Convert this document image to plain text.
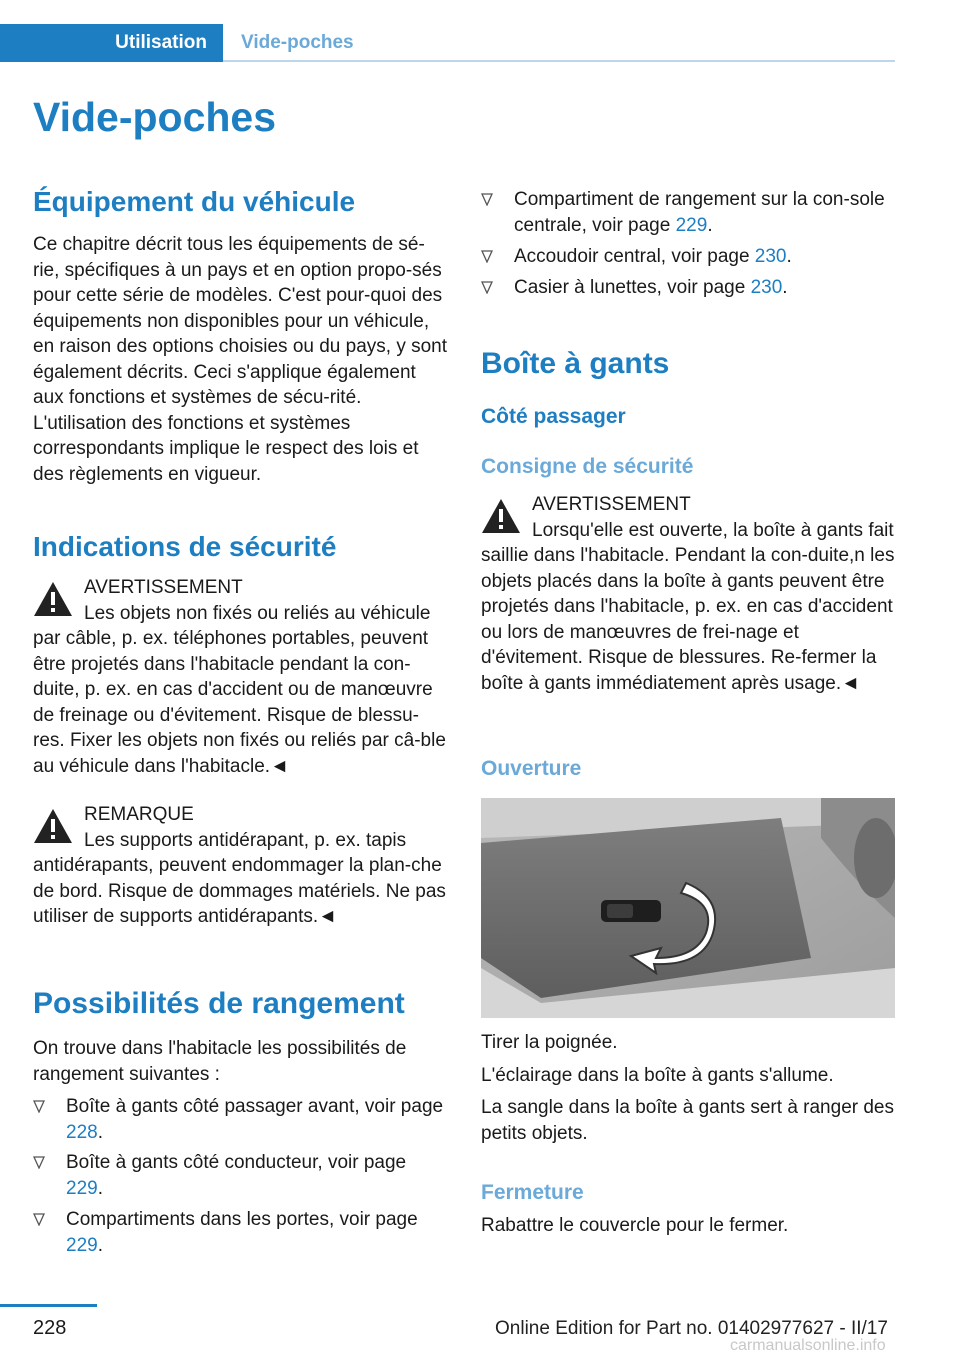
Utilisation	Vide-poches
Vide-poches
Équipement du véhicule

Ce chapitre décrit tous les équipements de sé-rie, spécifiques à un pays et en option propo-sés pour cette série de modèles. C'est pour-quoi des équipements non disponibles pour un véhicule, en raison des options choisies ou du pays, y sont également décrits. Ceci s'applique également aux fonctions et systèmes de sécu-rité. L'utilisation des fonctions et systèmes correspondants implique le respect des lois et des règlements en vigueur.

Indications de sécurité
AVERTISSEMENT

Les objets non fixés ou reliés au véhicule par câble, p. ex. téléphones portables, peuvent être projetés dans l'habitacle pendant la con-duite, p. ex. en cas d'accident ou de manœuvre de freinage ou d'évitement. Risque de blessu-res. Fixer les objets non fixés ou reliés par câ-ble au véhicule dans l'habitacle.◄

REMARQUE

Les supports antidérapant, p. ex. tapis antidérapants, peuvent endommager la plan-che de bord. Risque de dommages matériels. Ne pas utiliser de supports antidérapants.◄

Possibilités de rangement

On trouve dans l'habitacle les possibilités de rangement suivantes :

Boîte à gants côté passager avant, voir page 228.
Boîte à gants côté conducteur, voir page 229.
Compartiments dans les portes, voir page 229.
Compartiment de rangement sur la con-sole centrale, voir page 229.
Accoudoir central, voir page 230.
Casier à lunettes, voir page 230.
Boîte à gants
Côté passager
Consigne de sécurité
AVERTISSEMENT

Lorsqu'elle est ouverte, la boîte à gants fait saillie dans l'habitacle. Pendant la con-duite,n les objets placés dans la boîte à gants peuvent être projetés dans l'habitacle, p. ex. en cas d'accident ou lors de manœuvres de frei-nage et d'évitement. Risque de blessures. Re-fermer la boîte à gants immédiatement après usage.◄

Ouverture

Tirer la poignée.

L'éclairage dans la boîte à gants s'allume.

La sangle dans la boîte à gants sert à ranger des petits objets.

Fermeture

Rabattre le couvercle pour le fermer.

228	Online Edition for Part no. 01402977627 - II/17
carmanualsonline.info
